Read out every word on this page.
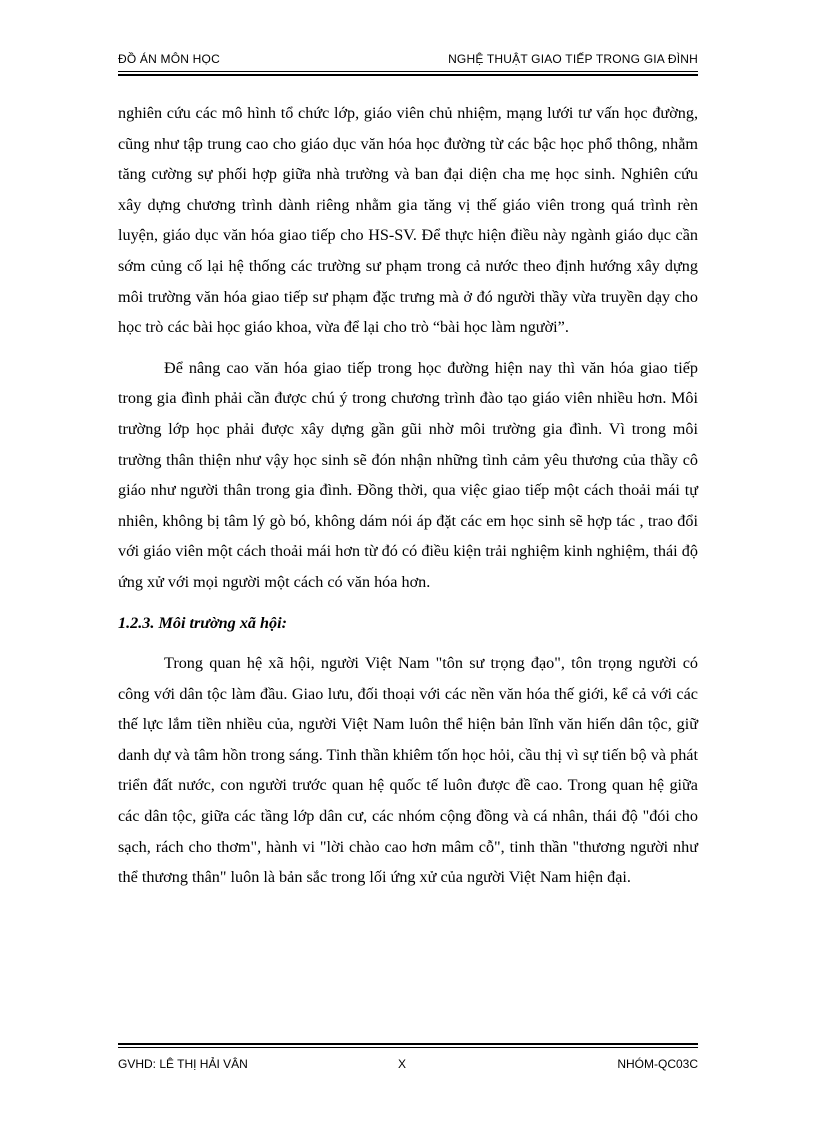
ĐỒ ÁN MÔN HỌC	NGHỆ THUẬT GIAO TIẾP TRONG GIA ĐÌNH

nghiên cứu các mô hình tổ chức lớp, giáo viên chủ nhiệm, mạng lưới tư vấn học đường, cũng như tập trung cao cho giáo dục văn hóa học đường từ các bậc học phổ thông, nhằm tăng cường sự phối hợp giữa nhà trường và ban đại diện cha mẹ học sinh. Nghiên cứu xây dựng chương trình dành riêng nhằm gia tăng vị thế giáo viên trong quá trình rèn luyện, giáo dục văn hóa giao tiếp cho HS-SV. Để thực hiện điều này ngành giáo dục cần sớm củng cố lại hệ thống các trường sư phạm trong cả nước theo định hướng xây dựng môi trường văn hóa giao tiếp sư phạm đặc trưng mà ở đó người thầy vừa truyền dạy cho học trò các bài học giáo khoa, vừa để lại cho trò “bài học làm người”.

Để nâng cao văn hóa giao tiếp trong học đường hiện nay thì văn hóa giao tiếp trong gia đình phải cần được chú ý trong chương trình đào tạo giáo viên nhiều hơn. Môi trường lớp học phải được xây dựng gần gũi nhờ môi trường gia đình. Vì trong môi trường thân thiện như vậy học sinh sẽ đón nhận những tình cảm yêu thương của thầy cô giáo như người thân trong gia đình. Đồng thời, qua việc giao tiếp một cách thoải mái tự nhiên, không bị tâm lý gò bó, không dám nói áp đặt các em học sinh sẽ hợp tác , trao đổi với giáo viên một cách thoải mái hơn từ đó có điều kiện trải nghiệm kinh nghiệm, thái độ ứng xử với mọi người một cách có văn hóa hơn.

1.2.3. Môi trường xã hội:

Trong quan hệ xã hội, người Việt Nam "tôn sư trọng đạo", tôn trọng người có công với dân tộc làm đầu. Giao lưu, đối thoại với các nền văn hóa thế giới, kể cả với các thế lực lắm tiền nhiều của, người Việt Nam luôn thể hiện bản lĩnh văn hiến dân tộc, giữ danh dự và tâm hồn trong sáng. Tinh thần khiêm tốn học hỏi, cầu thị vì sự tiến bộ và phát triển đất nước, con người trước quan hệ quốc tế luôn được đề cao. Trong quan hệ giữa các dân tộc, giữa các tầng lớp dân cư, các nhóm cộng đồng và cá nhân, thái độ "đói cho sạch, rách cho thơm", hành vi "lời chào cao hơn mâm cỗ", tinh thần "thương người như thể thương thân" luôn là bản sắc trong lối ứng xử của người Việt Nam hiện đại.

GVHD: LÊ THỊ HẢI VÂN	X	NHÓM-QC03C
